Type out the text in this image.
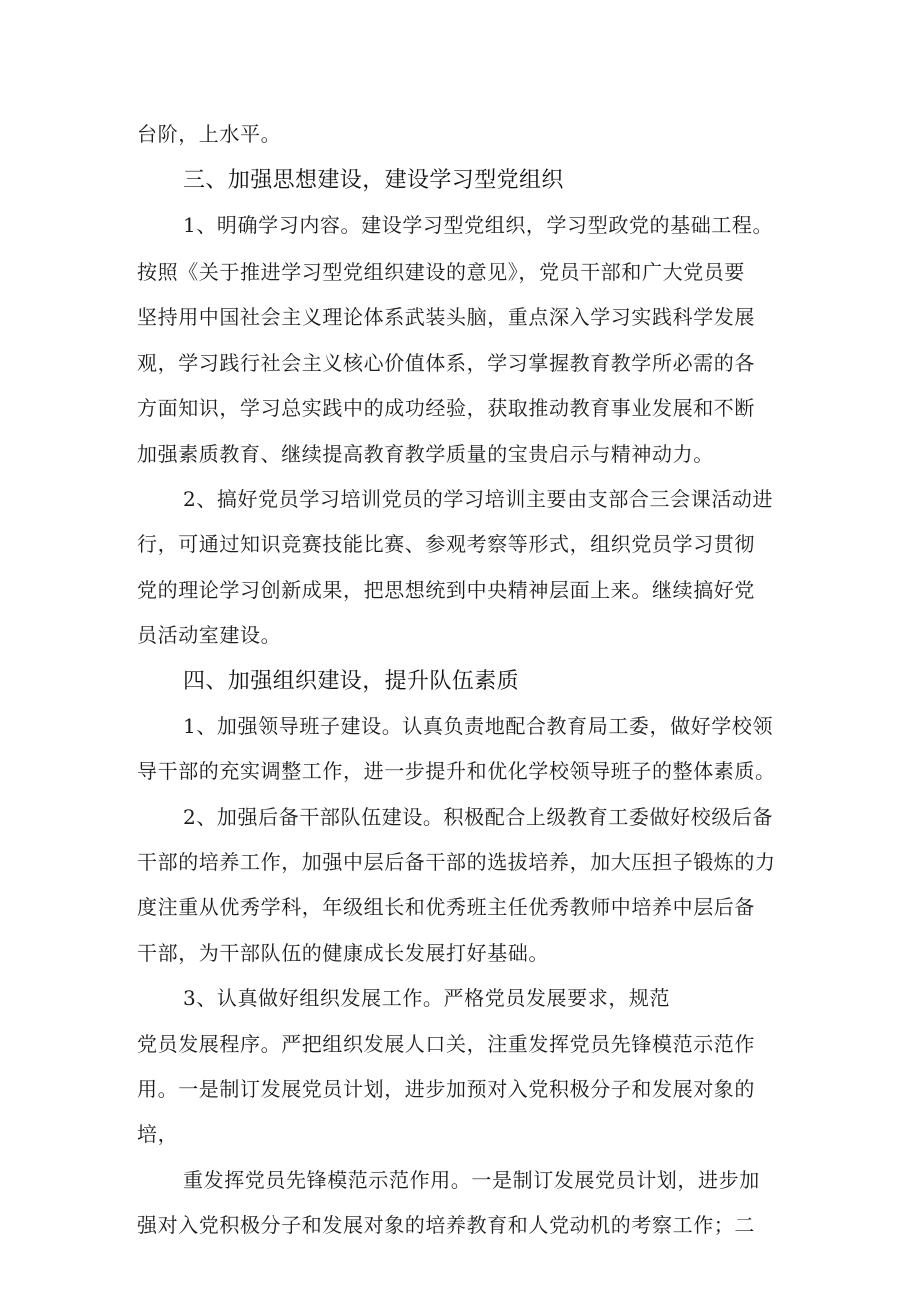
台阶，上水平。
三、加强思想建设，建设学习型党组织
1、明确学习内容。建设学习型党组织，学习型政党的基础工程。
按照《关于推进学习型党组织建设的意见》，党员干部和广大党员要
坚持用中国社会主义理论体系武装头脑，重点深入学习实践科学发展
观，学习践行社会主义核心价值体系，学习掌握教育教学所必需的各
方面知识，学习总实践中的成功经验，获取推动教育事业发展和不断
加强素质教育、继续提高教育教学质量的宝贵启示与精神动力。
2、搞好党员学习培训党员的学习培训主要由支部合三会课活动进
行，可通过知识竞赛技能比赛、参观考察等形式，组织党员学习贯彻
党的理论学习创新成果，把思想统到中央精神层面上来。继续搞好党
员活动室建设。
四、加强组织建设，提升队伍素质
1、加强领导班子建设。认真负责地配合教育局工委，做好学校领
导干部的充实调整工作，进一步提升和优化学校领导班子的整体素质。
2、加强后备干部队伍建设。积极配合上级教育工委做好校级后备
干部的培养工作，加强中层后备干部的选拔培养，加大压担子锻炼的力
度注重从优秀学科，年级组长和优秀班主任优秀教师中培养中层后备
干部，为干部队伍的健康成长发展打好基础。
3、认真做好组织发展工作。严格党员发展要求，规范
党员发展程序。严把组织发展人口关，注重发挥党员先锋模范示范作
用。一是制订发展党员计划，进步加预对入党积极分子和发展对象的
培，
重发挥党员先锋模范示范作用。一是制订发展党员计划，进步加
强对入党积极分子和发展对象的培养教育和人党动机的考察工作；二
